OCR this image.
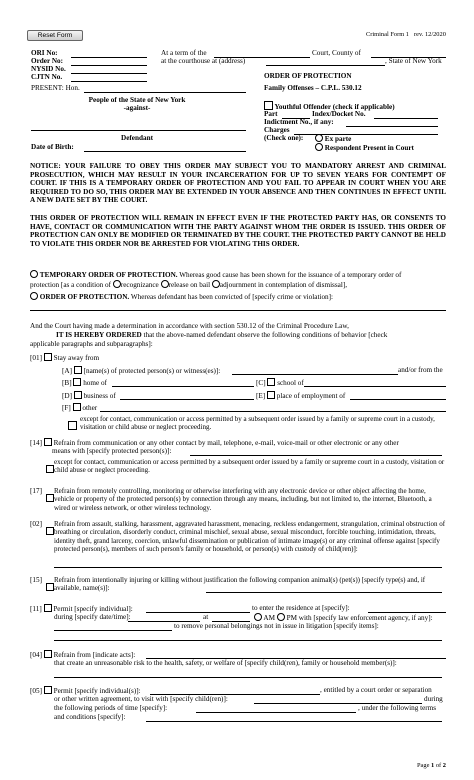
Reset Form	Criminal Form 1 rev. 12/2020
ORI No:
Order No:
NYSID No.
CJTN No.
At a term of the	Court, County of
at the courthouse at (address)	, State of New York
PRESENT: Hon.
People of the State of New York
-against-
Defendant
Date of Birth:
ORDER OF PROTECTION
Family Offenses – C.P.L. 530.12
Youthful Offender (check if applicable)
Part	Index/Docket No.
Indictment No., if any:
Charges
(Check one):	Ex parte
Respondent Present in Court
NOTICE: YOUR FAILURE TO OBEY THIS ORDER MAY SUBJECT YOU TO MANDATORY ARREST AND CRIMINAL PROSECUTION, WHICH MAY RESULT IN YOUR INCARCERATION FOR UP TO SEVEN YEARS FOR CONTEMPT OF COURT. IF THIS IS A TEMPORARY ORDER OF PROTECTION AND YOU FAIL TO APPEAR IN COURT WHEN YOU ARE REQUIRED TO DO SO, THIS ORDER MAY BE EXTENDED IN YOUR ABSENCE AND THEN CONTINUES IN EFFECT UNTIL A NEW DATE SET BY THE COURT.
THIS ORDER OF PROTECTION WILL REMAIN IN EFFECT EVEN IF THE PROTECTED PARTY HAS, OR CONSENTS TO HAVE, CONTACT OR COMMUNICATION WITH THE PARTY AGAINST WHOM THE ORDER IS ISSUED. THIS ORDER OF PROTECTION CAN ONLY BE MODIFIED OR TERMINATED BY THE COURT. THE PROTECTED PARTY CANNOT BE HELD TO VIOLATE THIS ORDER NOR BE ARRESTED FOR VIOLATING THIS ORDER.
TEMPORARY ORDER OF PROTECTION. Whereas good cause has been shown for the issuance of a temporary order of
protection [as a condition of recognizance release on bail adjournment in contemplation of dismissal],
ORDER OF PROTECTION. Whereas defendant has been convicted of [specify crime or violation]:
And the Court having made a determination in accordance with section 530.12 of the Criminal Procedure Law,
IT IS HEREBY ORDERED that the above-named defendant observe the following conditions of behavior [check
applicable paragraphs and subparagraphs]:
[01] Stay away from
[A] [name(s) of protected person(s) or witness(es)]:	and/or from the
[B] home of	[C] school of
[D] business of	[E] place of employment of
[F] other
except for contact, communication or access permitted by a subsequent order issued by a family or supreme court in a custody, visitation or child abuse or neglect proceeding.
[14] Refrain from communication or any other contact by mail, telephone, e-mail, voice-mail or other electronic or any other
means with [specify protected person(s)]:
except for contact, communication or access permitted by a subsequent order issued by a family or supreme court in a custody, visitation or child abuse or neglect proceeding.
[17] Refrain from remotely controlling, monitoring or otherwise interfering with any electronic device or other object affecting the home, vehicle or property of the protected person(s) by connection through any means, including, but not limited to, the internet, Bluetooth, a wired or wireless network, or other wireless technology.
[02] Refrain from assault, stalking, harassment, aggravated harassment, menacing, reckless endangerment, strangulation, criminal obstruction of breathing or circulation, disorderly conduct, criminal mischief, sexual abuse, sexual misconduct, forcible touching, intimidation, threats, identity theft, grand larceny, coercion, unlawful dissemination or publication of intimate image(s) or any criminal offense against [specify protected person(s), members of such person's family or household, or person(s) with custody of child(ren)]:
[15] Refrain from intentionally injuring or killing without justification the following companion animal(s) (pet(s)) [specify type(s) and, if available, name(s)]:
[11] Permit [specify individual]:	to enter the residence at [specify]:
during [specify date/time]:	at	AM PM with [specify law enforcement agency, if any]:
to remove personal belongings not in issue in litigation [specify items]:
[04] Refrain from [indicate acts]:
that create an unreasonable risk to the health, safety, or welfare of [specify child(ren), family or household member(s)]:
[05] Permit [specify individual(s)]:	, entitled by a court order or separation
or other written agreement, to visit with [specify child(ren)]:	during
the following periods of time [specify]:	, under the following terms
and conditions [specify]:
Page 1 of 2
